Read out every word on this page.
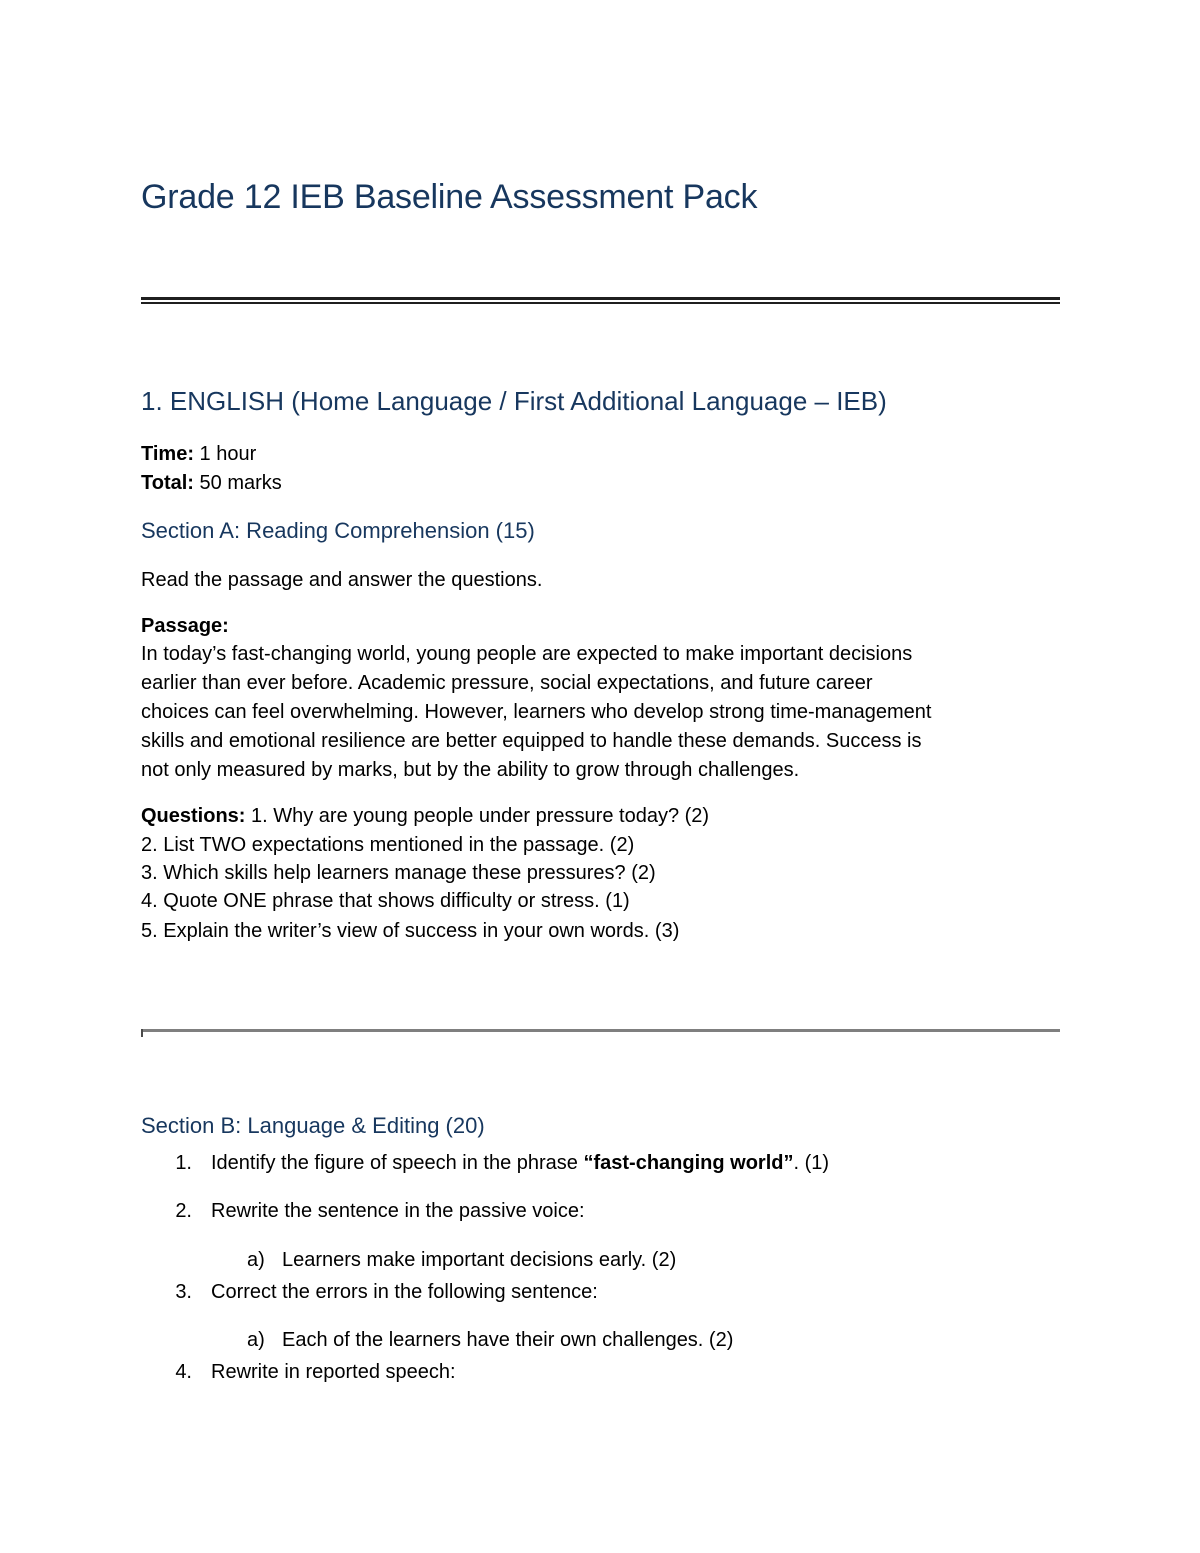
Grade 12 IEB Baseline Assessment Pack
1. ENGLISH (Home Language / First Additional Language – IEB)
Time: 1 hour
Total: 50 marks
Section A: Reading Comprehension (15)
Read the passage and answer the questions.
Passage:
In today’s fast-changing world, young people are expected to make important decisions
earlier than ever before. Academic pressure, social expectations, and future career
choices can feel overwhelming. However, learners who develop strong time-management
skills and emotional resilience are better equipped to handle these demands. Success is
not only measured by marks, but by the ability to grow through challenges.
Questions: 1. Why are young people under pressure today? (2)
2. List TWO expectations mentioned in the passage. (2)
3. Which skills help learners manage these pressures? (2)
4. Quote ONE phrase that shows difficulty or stress. (1)
5. Explain the writer’s view of success in your own words. (3)
Section B: Language & Editing (20)
1. Identify the figure of speech in the phrase “fast-changing world”. (1)
2. Rewrite the sentence in the passive voice:
a) Learners make important decisions early. (2)
3. Correct the errors in the following sentence:
a) Each of the learners have their own challenges. (2)
4. Rewrite in reported speech:
